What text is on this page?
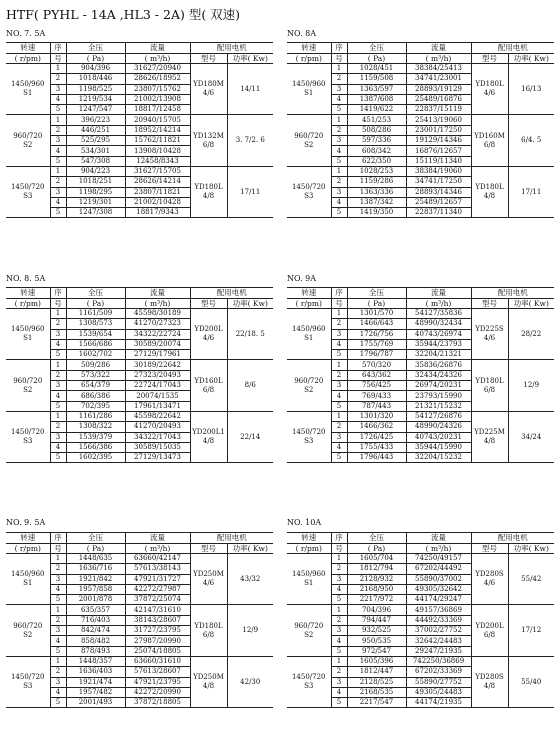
HTF( PYHL - 14A ,HL3 - 2A) 型( 双速)
NO. 7. 5A	NO. 8A
NO. 8. 5A	NO. 9A
NO. 9. 5A	NO. 10A
转速	序	全压	流量	配用电机	
( r/pm)	号	( Pa)	( m³/h)	型号	功率( Kw)

1450/960
S1	1	904/396	31627/20940	YD180M
4/6	14/11
	2	1018/446	28626/18952		
	3	1198/525	23807/15762		
	4	1219/534	21002/13908		
	5	1247/547	18817/12458		

960/720
S2	1	396/223	20940/15705	YD132M
6/8	3. 7/2. 6
	2	446/251	18952/14214		
	3	525/295	15762/11821		
	4	534/301	13908/10428		
	5	547/308	12458/8343		

1450/720
S3	1	904/223	31627/15705	YD180L
4/8	17/11
	2	1018/251	28626/14214		
	3	1198/295	23807/11821		
	4	1219/301	21002/10428		
	5	1247/308	18817/9343		
转速	序	全压	流量	配用电机	
( r/pm)	号	( Pa)	( m³/h)	型号	功率( Kw)

1450/960
S1	1	1028/451	38384/25413	YD180L
4/6	16/13
	2	1159/508	34741/23001		
	3	1363/597	28893/19129		
	4	1387/608	25489/16876		
	5	1419/622	22837/15119		

960/720
S2	1	451/253	25413/19060	YD160M
6/8	6/4. 5
	2	508/286	23001/17250		
	3	597/336	19129/14346		
	4	608/342	16876/12657		
	5	622/350	15119/11340		

1450/720
S3	1	1028/253	38384/19060	YD180L
4/8	17/11
	2	1159/286	34741/17250		
	3	1363/336	28893/14346		
	4	1387/342	25489/12657		
	5	1419/350	22837/11340		
转速	序	全压	流量	配用电机	
( r/pm)	号	( Pa)	( m³/h)	型号	功率( Kw)

1450/960
S1	1	1161/509	45598/30189	YD200L
4/6	22/18. 5
	2	1308/573	41270/27323		
	3	1539/654	34322/22724		
	4	1566/686	30589/20074		
	5	1602/702	27129/17961		

960/720
S2	1	509/286	30189/22642	YD160L
6/8	8/6
	2	573/322	27323/20493		
	3	654/379	22724/17043		
	4	686/386	20074/1535		
	5	702/395	17961/13471		

1450/720
S3	1	1161/286	45598/22642	YD200L1
4/8	22/14
	2	1308/322	41270/20493		
	3	1539/379	34322/17043		
	4	1566/386	30589/15035		
	5	1602/395	27129/13473		
转速	序	全压	流量	配用电机	
( r/pm)	号	( Pa)	( m³/h)	型号	功率( Kw)

1450/960
S1	1	1301/570	54127/35836	YD225S
4/6	28/22
	2	1466/643	48990/32434		
	3	1726/756	40743/26974		
	4	1755/769	35944/23793		
	5	1796/787	32204/21321		

960/720
S2	1	570/320	35836/26876	YD180L
6/8	12/9
	2	643/362	32434/24326		
	3	756/425	26974/20231		
	4	769/433	23793/15990		
	5	787/443	21321/15232		

1450/720
S3	1	1301/320	54127/26876	YD225M
4/8	34/24
	2	1466/362	48990/24326		
	3	1726/425	40743/20231		
	4	1755/433	35944/15990		
	5	1796/443	32204/15232		
转速	序	全压	流量	配用电机	
( r/pm)	号	( Pa)	( m³/h)	型号	功率( Kw)

1450/960
S1	1	1448/635	63660/42147	YD250M
4/6	43/32
	2	1636/716	57613/38143		
	3	1921/842	47921/31727		
	4	1957/858	42272/27987		
	5	2001/878	37872/25074		

960/720
S2	1	635/357	42147/31610	YD180L
6/8	12/9
	2	716/403	38143/28607		
	3	842/474	31727/23795		
	4	858/482	27987/20990		
	5	878/493	25074/18805		

1450/720
S3	1	1448/357	63660/31610	YD250M
4/8	42/30
	2	1636/403	57613/28607		
	3	1921/474	47921/23795		
	4	1957/482	42272/20990		
	5	2001/493	37872/18805		
转速	序	全压	流量	配用电机	
( r/pm)	号	( Pa)	( m³/h)	型号	功率( Kw)

1450/960
S1	1	1605/704	74250/49157	YD280S
4/6	55/42
	2	1812/794	67202/44492		
	3	2128/932	55890/37002		
	4	2168/950	49305/32642		
	5	2217/972	44174/29247		

960/720
S2	1	704/396	49157/36869	YD200L
6/8	17/12
	2	794/447	44492/33369		
	3	932/525	37002/27752		
	4	950/535	32642/24483		
	5	972/547	29247/21935		

1450/720
S3	1	1605/396	742250/36869	YD280S
4/8	55/40
	2	1812/447	67202/33369		
	3	2128/525	55890/27752		
	4	2168/535	49305/24483		
	5	2217/547	44174/21935		
